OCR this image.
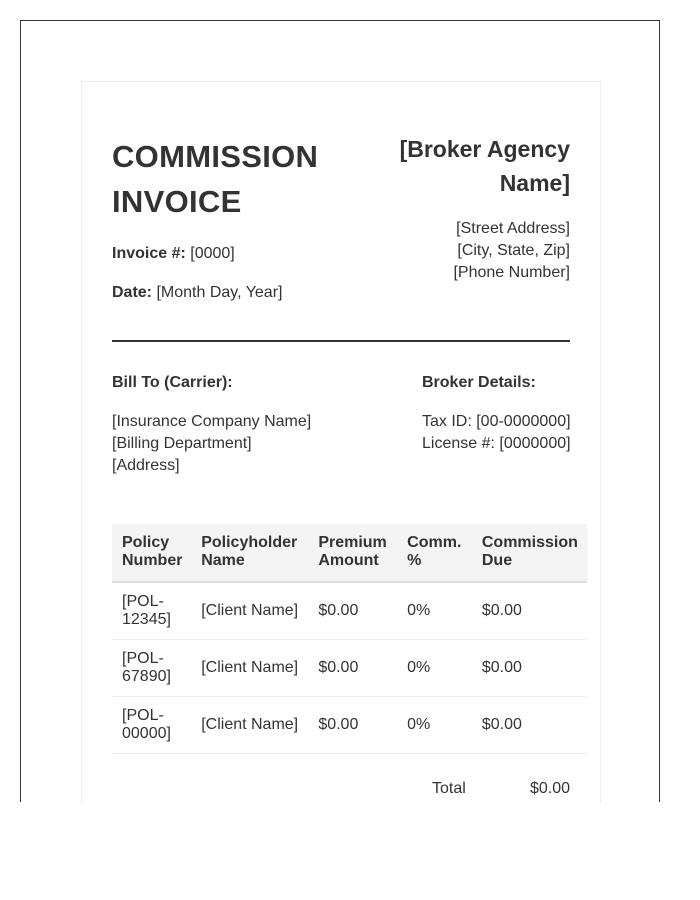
COMMISSION
INVOICE
Invoice #: [0000]
Date: [Month Day, Year]
[Broker Agency
Name]
[Street Address]
[City, State, Zip]
[Phone Number]
Bill To (Carrier):
[Insurance Company Name]
[Billing Department]
[Address]
Broker Details:
Tax ID: [00-0000000]
License #: [0000000]
Policy Number	Policyholder Name	Premium Amount	Comm. %	Commission Due
[POL-12345]	[Client Name]	$0.00	0%	$0.00
[POL-67890]	[Client Name]	$0.00	0%	$0.00
[POL-00000]	[Client Name]	$0.00	0%	$0.00
Total	$0.00
